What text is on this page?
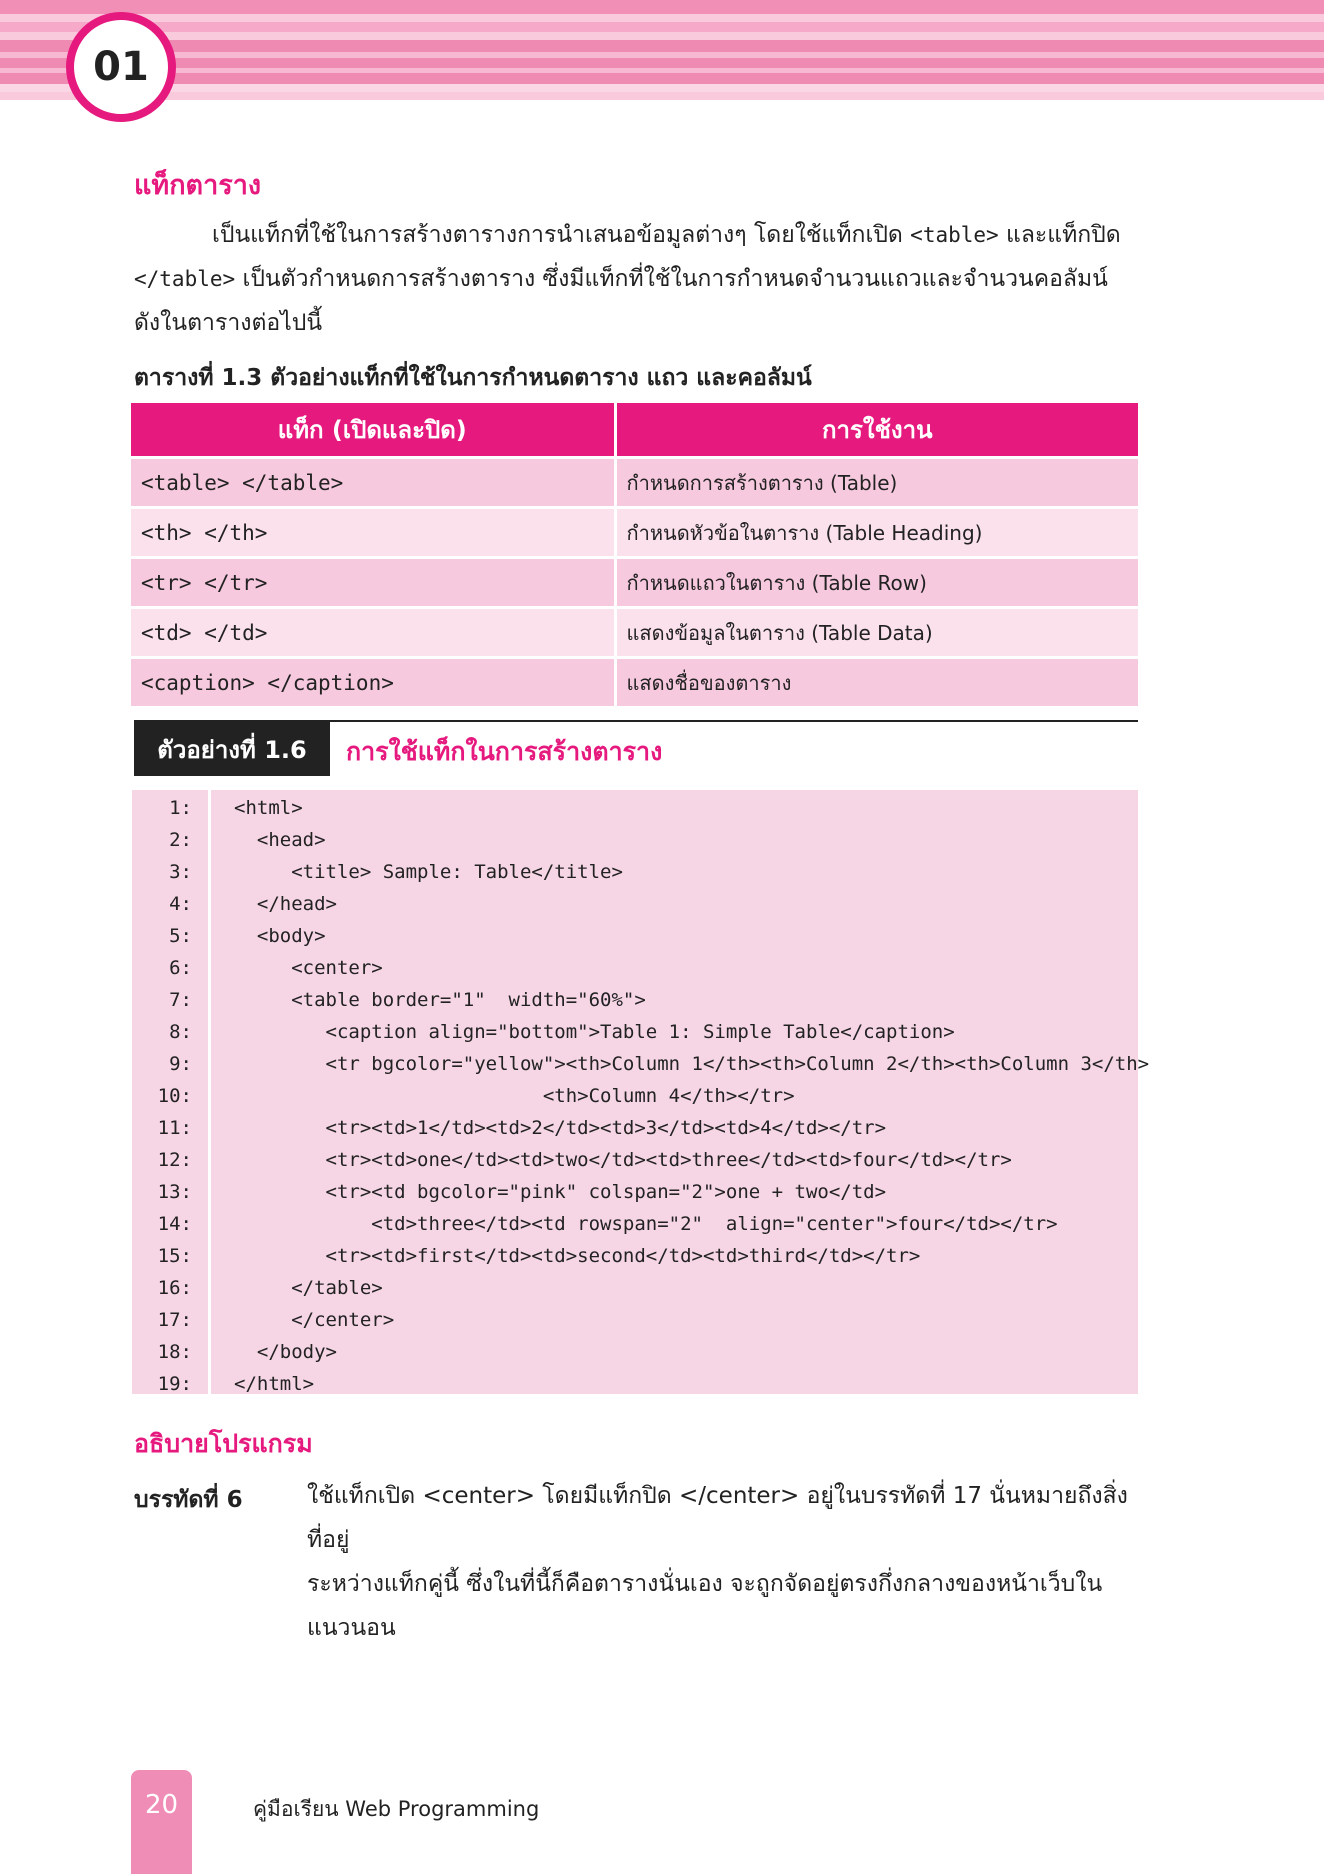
01
แท็กตาราง
เป็นแท็กที่ใช้ในการสร้างตารางการนำเสนอข้อมูลต่างๆ โดยใช้แท็กเปิด <table> และแท็กปิด
</table> เป็นตัวกำหนดการสร้างตาราง ซึ่งมีแท็กที่ใช้ในการกำหนดจำนวนแถวและจำนวนคอลัมน์
ดังในตารางต่อไปนี้
ตารางที่ 1.3 ตัวอย่างแท็กที่ใช้ในการกำหนดตาราง แถว และคอลัมน์
แท็ก (เปิดและปิด)	การใช้งาน
<table> </table>	กำหนดการสร้างตาราง (Table)
<th> </th>	กำหนดหัวข้อในตาราง (Table Heading)
<tr> </tr>	กำหนดแถวในตาราง (Table Row)
<td> </td>	แสดงข้อมูลในตาราง (Table Data)
<caption> </caption>	แสดงชื่อของตาราง
ตัวอย่างที่ 1.6	การใช้แท็กในการสร้างตาราง
1: <html>
2: <head>
3: <title> Sample: Table</title>
4: </head>
5: <body>
6: <center>
7: <table border="1"  width="60%">
8: <caption align="bottom">Table 1: Simple Table</caption>
9: <tr bgcolor="yellow"><th>Column 1</th><th>Column 2</th><th>Column 3</th>
10: <th>Column 4</th></tr>
11: <tr><td>1</td><td>2</td><td>3</td><td>4</td></tr>
12: <tr><td>one</td><td>two</td><td>three</td><td>four</td></tr>
13: <tr><td bgcolor="pink" colspan="2">one + two</td>
14: <td>three</td><td rowspan="2"  align="center">four</td></tr>
15: <tr><td>first</td><td>second</td><td>third</td></tr>
16: </table>
17: </center>
18: </body>
19: </html>
อธิบายโปรแกรม
บรรทัดที่ 6	ใช้แท็กเปิด <center> โดยมีแท็กปิด </center> อยู่ในบรรทัดที่ 17 นั่นหมายถึงสิ่งที่อยู่
ระหว่างแท็กคู่นี้ ซึ่งในที่นี้ก็คือตารางนั่นเอง จะถูกจัดอยู่ตรงกึ่งกลางของหน้าเว็บใน
แนวนอน
20	คู่มือเรียน Web Programming
